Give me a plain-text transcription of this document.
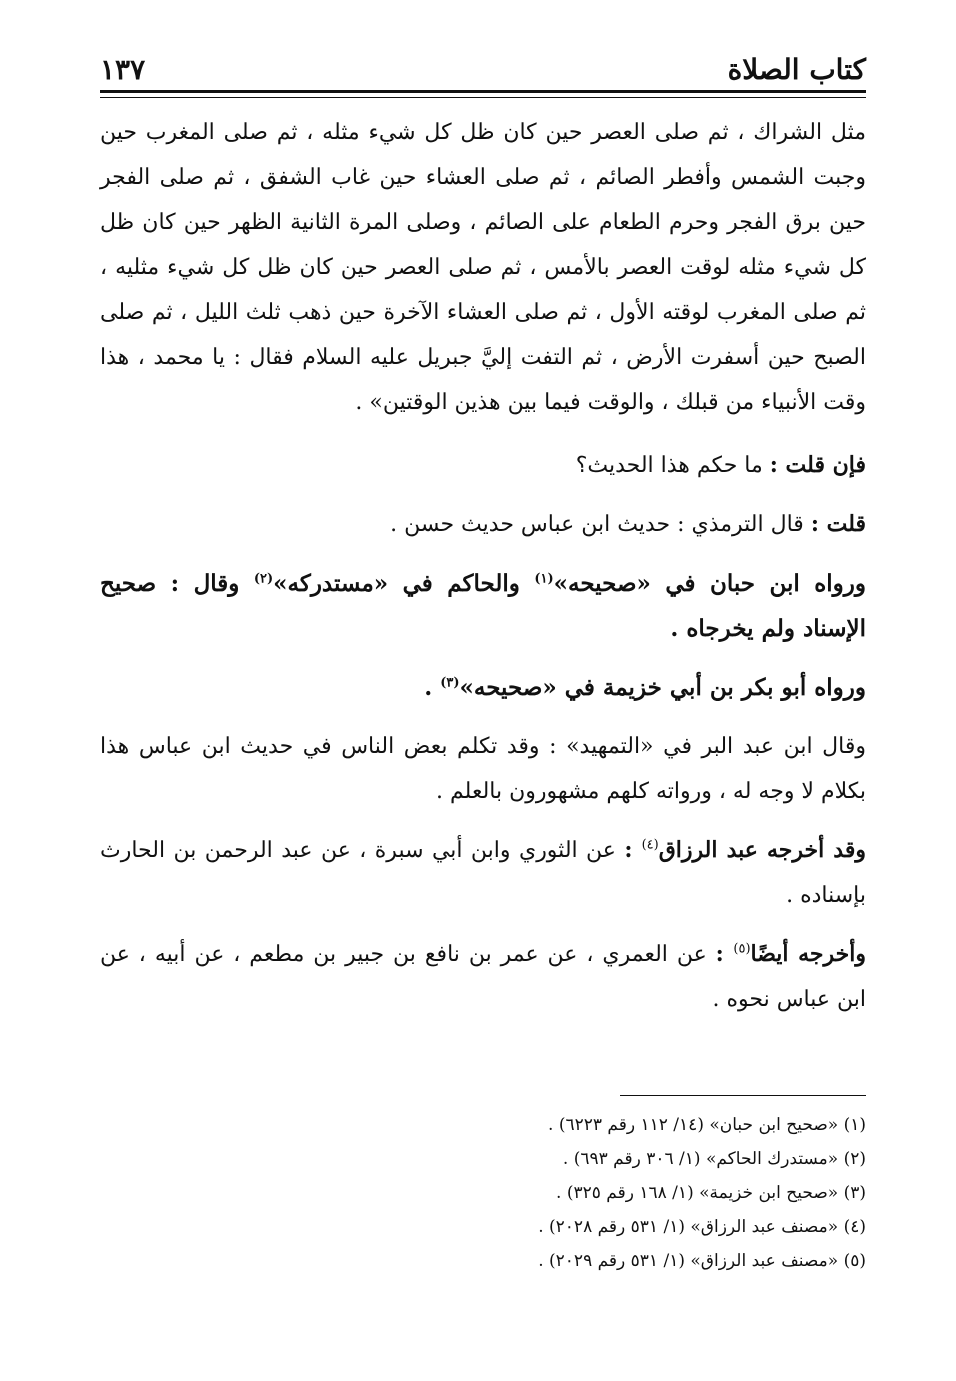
كتاب الصلاة
١٣٧

مثل الشراك ، ثم صلى العصر حين كان ظل كل شيء مثله ، ثم صلى المغرب حين وجبت الشمس وأفطر الصائم ، ثم صلى العشاء حين غاب الشفق ، ثم صلى الفجر حين برق الفجر وحرم الطعام على الصائم ، وصلى المرة الثانية الظهر حين كان ظل كل شيء مثله لوقت العصر بالأمس ، ثم صلى العصر حين كان ظل كل شيء مثليه ، ثم صلى المغرب لوقته الأول ، ثم صلى العشاء الآخرة حين ذهب ثلث الليل ، ثم صلى الصبح حين أسفرت الأرض ، ثم التفت إليَّ جبريل عليه السلام فقال : يا محمد ، هذا وقت الأنبياء من قبلك ، والوقت فيما بين هذين الوقتين» .

فإن قلت : ما حكم هذا الحديث؟

قلت : قال الترمذي : حديث ابن عباس حديث حسن .

ورواه ابن حبان في «صحيحه»$^{(١)}$ والحاكم في «مستدركه»$^{(٢)}$ وقال : صحيح الإسناد ولم يخرجاه .

ورواه أبو بكر بن أبي خزيمة في «صحيحه»$^{(٣)}$ .

وقال ابن عبد البر في «التمهيد» : وقد تكلم بعض الناس في حديث ابن عباس هذا بكلام لا وجه له ، ورواته كلهم مشهورون بالعلم .

وقد أخرجه عبد الرزاق$^{(٤)}$ : عن الثوري وابن أبي سبرة ، عن عبد الرحمن بن الحارث بإسناده .

وأخرجه أيضًا$^{(٥)}$ : عن العمري ، عن عمر بن نافع بن جبير بن مطعم ، عن أبيه ، عن ابن عباس نحوه .

(١) «صحيح ابن حبان» (١٤/ ١١٢ رقم ٦٢٢٣) .

(٢) «مستدرك الحاكم» (١/ ٣٠٦ رقم ٦٩٣) .

(٣) «صحيح ابن خزيمة» (١/ ١٦٨ رقم ٣٢٥) .

(٤) «مصنف عبد الرزاق» (١/ ٥٣١ رقم ٢٠٢٨) .

(٥) «مصنف عبد الرزاق» (١/ ٥٣١ رقم ٢٠٢٩) .
